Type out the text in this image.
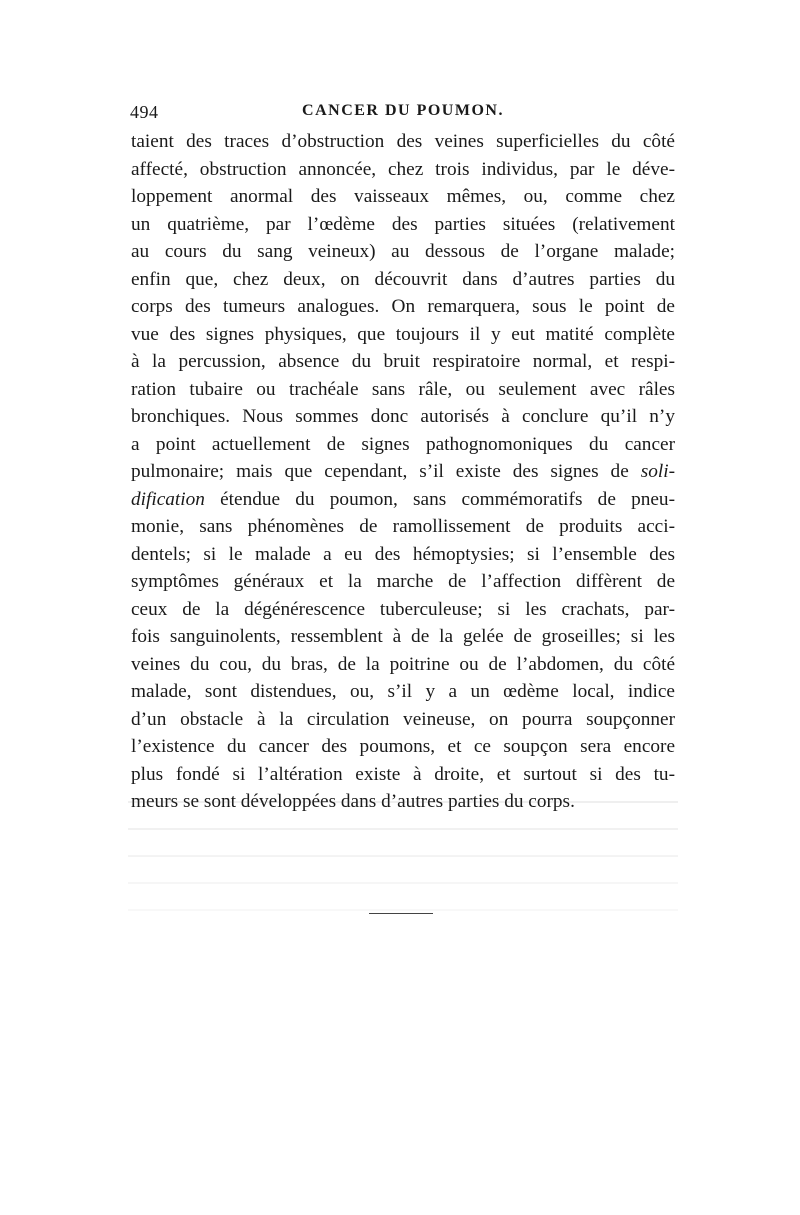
494	CANCER DU POUMON.
taient des traces d’obstruction des veines superficielles du côté
affecté, obstruction annoncée, chez trois individus, par le déve-
loppement anormal des vaisseaux mêmes, ou, comme chez
un quatrième, par l’œdème des parties situées (relativement
au cours du sang veineux) au dessous de l’organe malade;
enfin que, chez deux, on découvrit dans d’autres parties du
corps des tumeurs analogues. On remarquera, sous le point de
vue des signes physiques, que toujours il y eut matité complète
à la percussion, absence du bruit respiratoire normal, et respi-
ration tubaire ou trachéale sans râle, ou seulement avec râles
bronchiques. Nous sommes donc autorisés à conclure qu’il n’y
a point actuellement de signes pathognomoniques du cancer
pulmonaire; mais que cependant, s’il existe des signes de soli-
dification étendue du poumon, sans commémoratifs de pneu-
monie, sans phénomènes de ramollissement de produits acci-
dentels; si le malade a eu des hémoptysies; si l’ensemble des
symptômes généraux et la marche de l’affection diffèrent de
ceux de la dégénérescence tuberculeuse; si les crachats, par-
fois sanguinolents, ressemblent à de la gelée de groseilles; si les
veines du cou, du bras, de la poitrine ou de l’abdomen, du côté
malade, sont distendues, ou, s’il y a un œdème local, indice
d’un obstacle à la circulation veineuse, on pourra soupçonner
l’existence du cancer des poumons, et ce soupçon sera encore
plus fondé si l’altération existe à droite, et surtout si des tu-
meurs se sont développées dans d’autres parties du corps.
